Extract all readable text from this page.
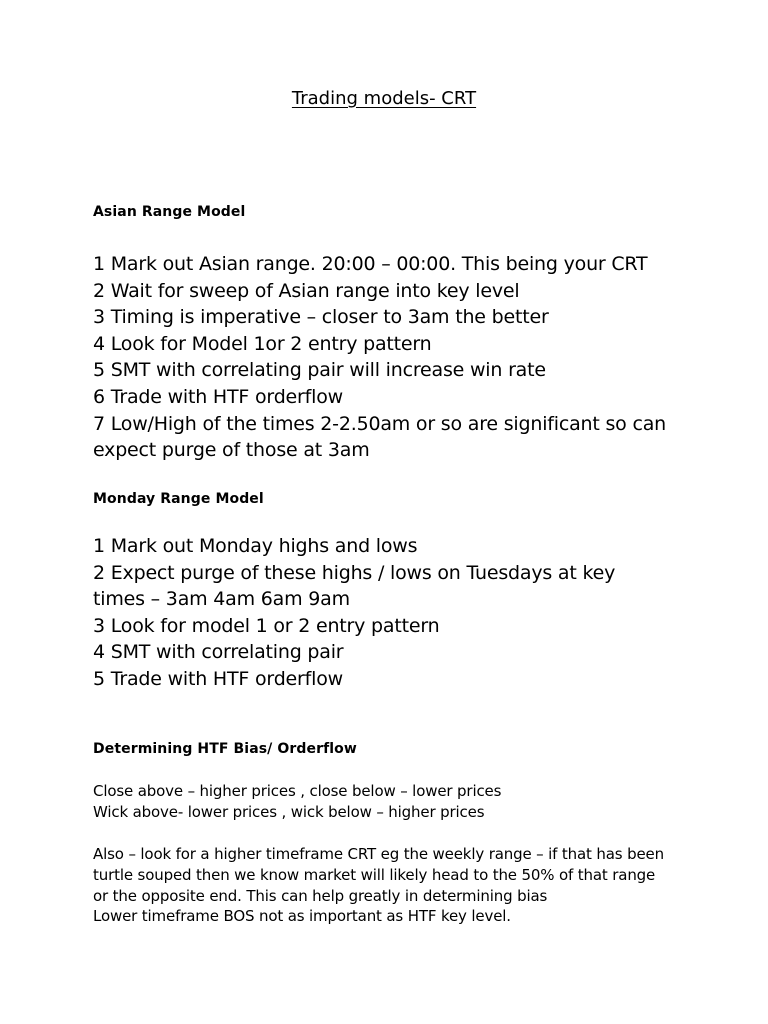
Trading models- CRT
Asian Range Model
1 Mark out Asian range. 20:00 – 00:00. This being your CRT
2 Wait for sweep of Asian range into key level
3 Timing is imperative – closer to 3am the better
4 Look for Model 1or 2 entry pattern
5 SMT with correlating pair will increase win rate
6 Trade with HTF orderflow
7 Low/High of the times 2-2.50am or so are significant so can expect purge of those at 3am
Monday Range Model
1 Mark out Monday highs and lows
2 Expect purge of these highs / lows on Tuesdays at key times – 3am 4am 6am 9am
3 Look for model 1 or 2 entry pattern
4 SMT with correlating pair
5 Trade with HTF orderflow
Determining HTF Bias/ Orderflow

Close above – higher prices , close below – lower prices

Wick above- lower prices , wick below – higher prices

Also – look for a higher timeframe CRT eg the weekly range – if that has been turtle souped then we know market will likely head to the 50% of that range or the opposite end. This can help greatly in determining bias

Lower timeframe BOS not as important as HTF key level.
